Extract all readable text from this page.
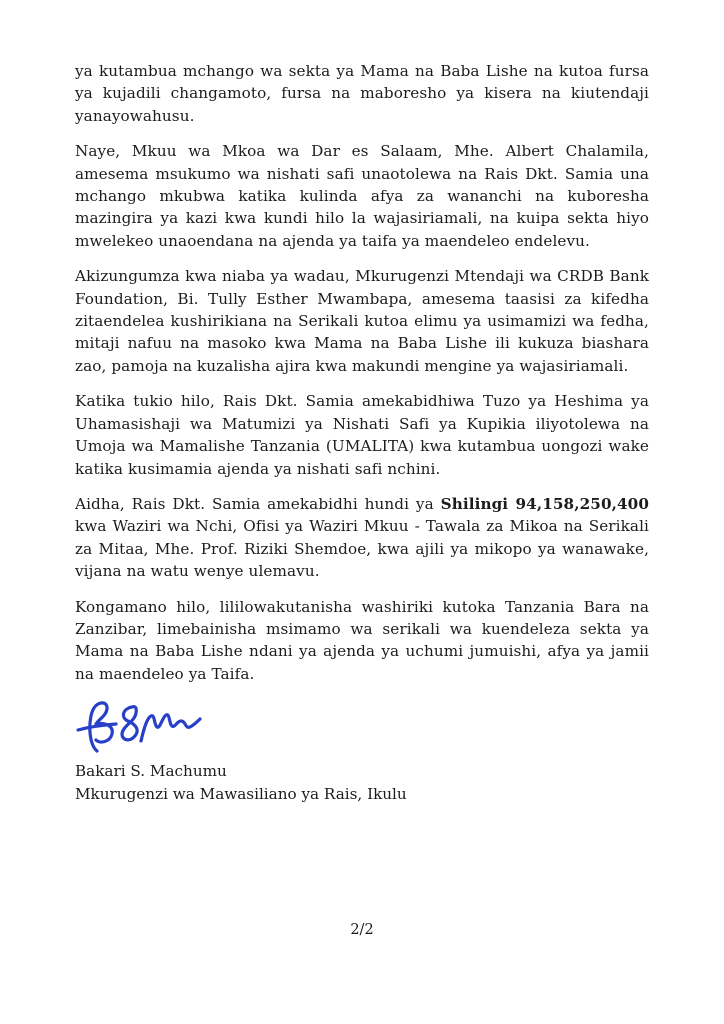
ya kutambua mchango wa sekta ya Mama na Baba Lishe na kutoa fursa ya kujadili changamoto, fursa na maboresho ya kisera na kiutendaji yanayowahusu.

Naye, Mkuu wa Mkoa wa Dar es Salaam, Mhe. Albert Chalamila, amesema msukumo wa nishati safi unaotolewa na Rais Dkt. Samia una mchango mkubwa katika kulinda afya za wananchi na kuboresha mazingira ya kazi kwa kundi hilo la wajasiriamali, na kuipa sekta hiyo mwelekeo unaoendana na ajenda ya taifa ya maendeleo endelevu.

Akizungumza kwa niaba ya wadau, Mkurugenzi Mtendaji wa CRDB Bank Foundation, Bi. Tully Esther Mwambapa, amesema taasisi za kifedha zitaendelea kushirikiana na Serikali kutoa elimu ya usimamizi wa fedha, mitaji nafuu na masoko kwa Mama na Baba Lishe ili kukuza biashara zao, pamoja na kuzalisha ajira kwa makundi mengine ya wajasiriamali.

Katika tukio hilo, Rais Dkt. Samia amekabidhiwa Tuzo ya Heshima ya Uhamasishaji wa Matumizi ya Nishati Safi ya Kupikia iliyotolewa na Umoja wa Mamalishe Tanzania (UMALITA) kwa kutambua uongozi wake katika kusimamia ajenda ya nishati safi nchini.

Aidha, Rais Dkt. Samia amekabidhi hundi ya Shilingi 94,158,250,400 kwa Waziri wa Nchi, Ofisi ya Waziri Mkuu - Tawala za Mikoa na Serikali za Mitaa, Mhe. Prof. Riziki Shemdoe, kwa ajili ya mikopo ya wanawake, vijana na watu wenye ulemavu.

Kongamano hilo, lililowakutanisha washiriki kutoka Tanzania Bara na Zanzibar, limebainisha msimamo wa serikali wa kuendeleza sekta ya Mama na Baba Lishe ndani ya ajenda ya uchumi jumuishi, afya ya jamii na maendeleo ya Taifa.

Bakari S. Machumu

Mkurugenzi wa Mawasiliano ya Rais, Ikulu

2/2
